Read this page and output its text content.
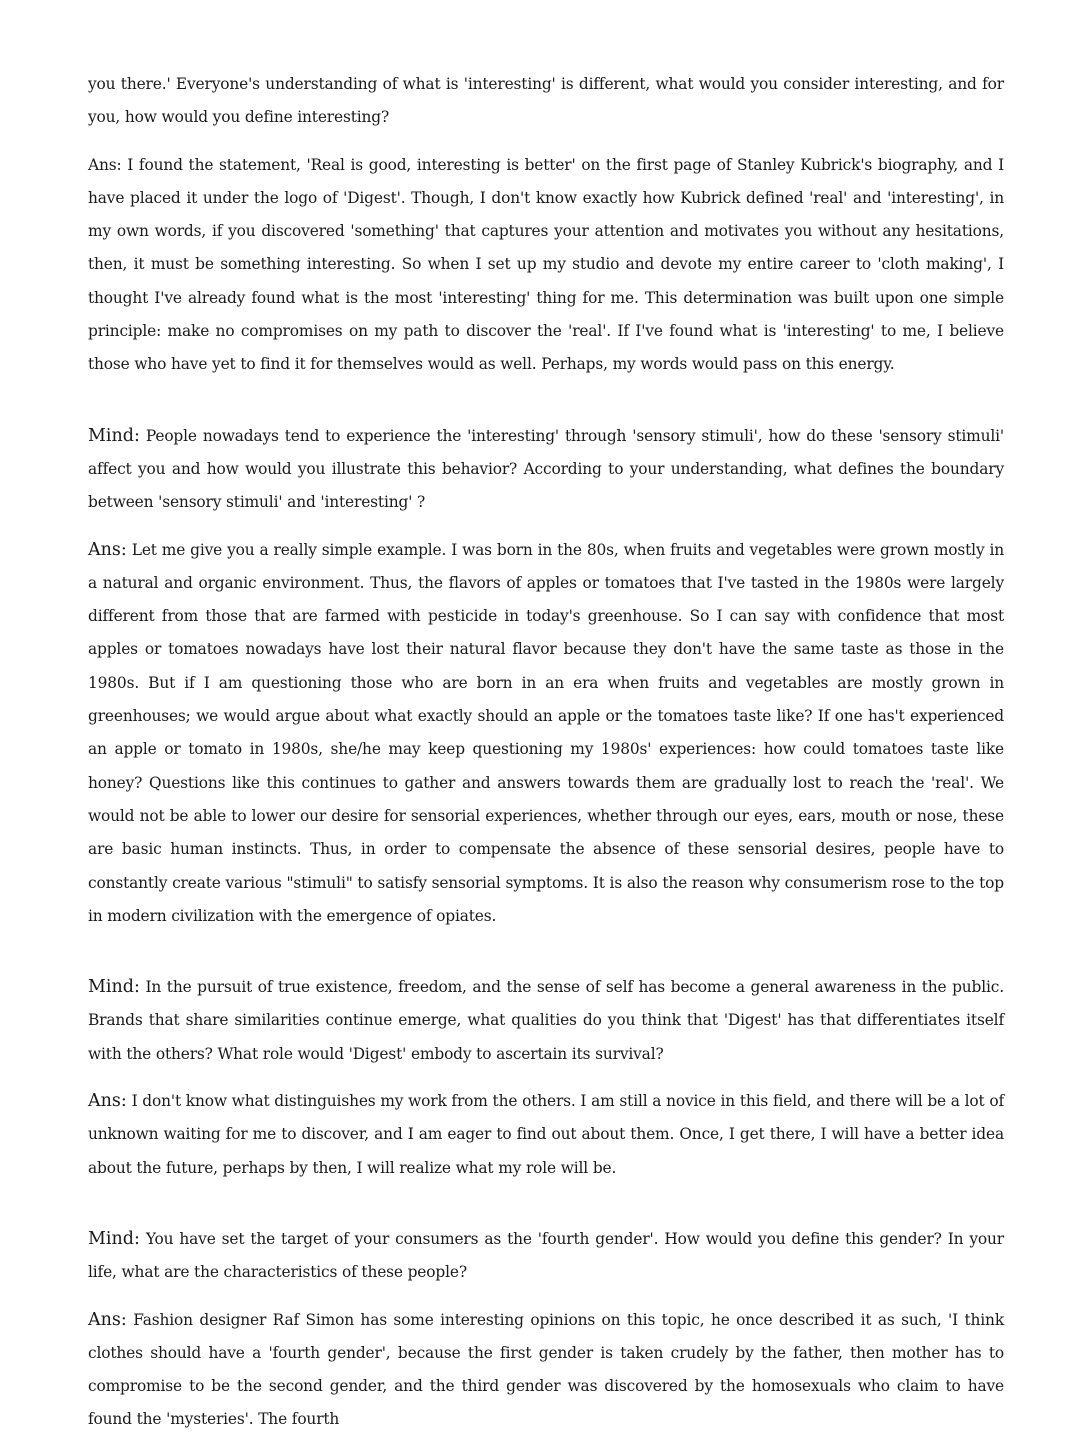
you there.' Everyone's understanding of what is 'interesting' is different, what would you consider interesting, and for you, how would you define interesting?

Ans: I found the statement, 'Real is good, interesting is better' on the first page of Stanley Kubrick's biography, and I have placed it under the logo of 'Digest'. Though, I don't know exactly how Kubrick defined 'real' and 'interesting', in my own words, if you discovered 'something' that captures your attention and motivates you without any hesitations, then, it must be something interesting. So when I set up my studio and devote my entire career to 'cloth making', I thought I've already found what is the most 'interesting' thing for me. This determination was built upon one simple principle: make no compromises on my path to discover the 'real'. If I've found what is 'interesting' to me, I believe those who have yet to find it for themselves would as well. Perhaps, my words would pass on this energy.

Mind: People nowadays tend to experience the 'interesting' through 'sensory stimuli', how do these 'sensory stimuli' affect you and how would you illustrate this behavior? According to your understanding, what defines the boundary between 'sensory stimuli' and 'interesting' ?

Ans: Let me give you a really simple example. I was born in the 80s, when fruits and vegetables were grown mostly in a natural and organic environment. Thus, the flavors of apples or tomatoes that I've tasted in the 1980s were largely different from those that are farmed with pesticide in today's greenhouse. So I can say with confidence that most apples or tomatoes nowadays have lost their natural flavor because they don't have the same taste as those in the 1980s. But if I am questioning those who are born in an era when fruits and vegetables are mostly grown in greenhouses; we would argue about what exactly should an apple or the tomatoes taste like? If one has't experienced an apple or tomato in 1980s, she/he may keep questioning my 1980s' experiences: how could tomatoes taste like honey? Questions like this continues to gather and answers towards them are gradually lost to reach the 'real'. We would not be able to lower our desire for sensorial experiences, whether through our eyes, ears, mouth or nose, these are basic human instincts. Thus, in order to compensate the absence of these sensorial desires, people have to constantly create various "stimuli" to satisfy sensorial symptoms. It is also the reason why consumerism rose to the top in modern civilization with the emergence of opiates.

Mind: In the pursuit of true existence, freedom, and the sense of self has become a general awareness in the public. Brands that share similarities continue emerge, what qualities do you think that 'Digest' has that differentiates itself with the others? What role would 'Digest' embody to ascertain its survival?

Ans: I don't know what distinguishes my work from the others. I am still a novice in this field, and there will be a lot of unknown waiting for me to discover, and I am eager to find out about them. Once, I get there, I will have a better idea about the future, perhaps by then, I will realize what my role will be.

Mind: You have set the target of your consumers as the 'fourth gender'. How would you define this gender? In your life, what are the characteristics of these people?

Ans: Fashion designer Raf Simon has some interesting opinions on this topic, he once described it as such, 'I think clothes should have a 'fourth gender', because the first gender is taken crudely by the father, then mother has to compromise to be the second gender, and the third gender was discovered by the homosexuals who claim to have found the 'mysteries'. The fourth
